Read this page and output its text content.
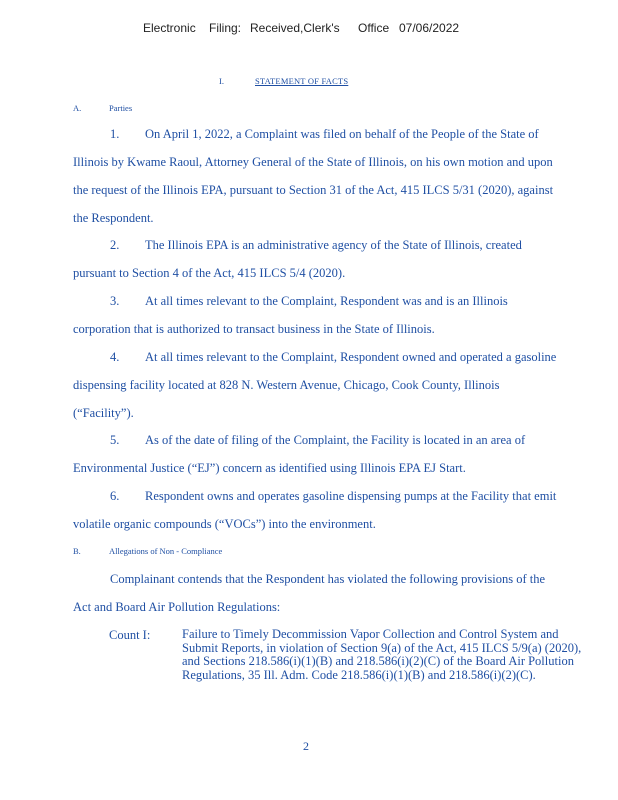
Electronic Filing: Received,Clerk's Office 07/06/2022
I.	STATEMENT OF FACTS
A.	Parties
1. On April 1, 2022, a Complaint was filed on behalf of the People of the State of
Illinois by Kwame Raoul, Attorney General of the State of Illinois, on his own motion and upon
the request of the Illinois EPA, pursuant to Section 31 of the Act, 415 ILCS 5/31 (2020), against
the Respondent.
2. The Illinois EPA is an administrative agency of the State of Illinois, created
pursuant to Section 4 of the Act, 415 ILCS 5/4 (2020).
3. At all times relevant to the Complaint, Respondent was and is an Illinois
corporation that is authorized to transact business in the State of Illinois.
4. At all times relevant to the Complaint, Respondent owned and operated a gasoline
dispensing facility located at 828 N. Western Avenue, Chicago, Cook County, Illinois
(“Facility”).
5. As of the date of filing of the Complaint, the Facility is located in an area of
Environmental Justice (“EJ”) concern as identified using Illinois EPA EJ Start.
6. Respondent owns and operates gasoline dispensing pumps at the Facility that emit
volatile organic compounds (“VOCs”) into the environment.
B.	Allegations of Non - Compliance
Complainant contends that the Respondent has violated the following provisions of the
Act and Board Air Pollution Regulations:
Count I:	Failure to Timely Decommission Vapor Collection and Control System and Submit Reports, in violation of Section 9(a) of the Act, 415 ILCS 5/9(a) (2020), and Sections 218.586(i)(1)(B) and 218.586(i)(2)(C) of the Board Air Pollution Regulations, 35 Ill. Adm. Code 218.586(i)(1)(B) and 218.586(i)(2)(C).
2
